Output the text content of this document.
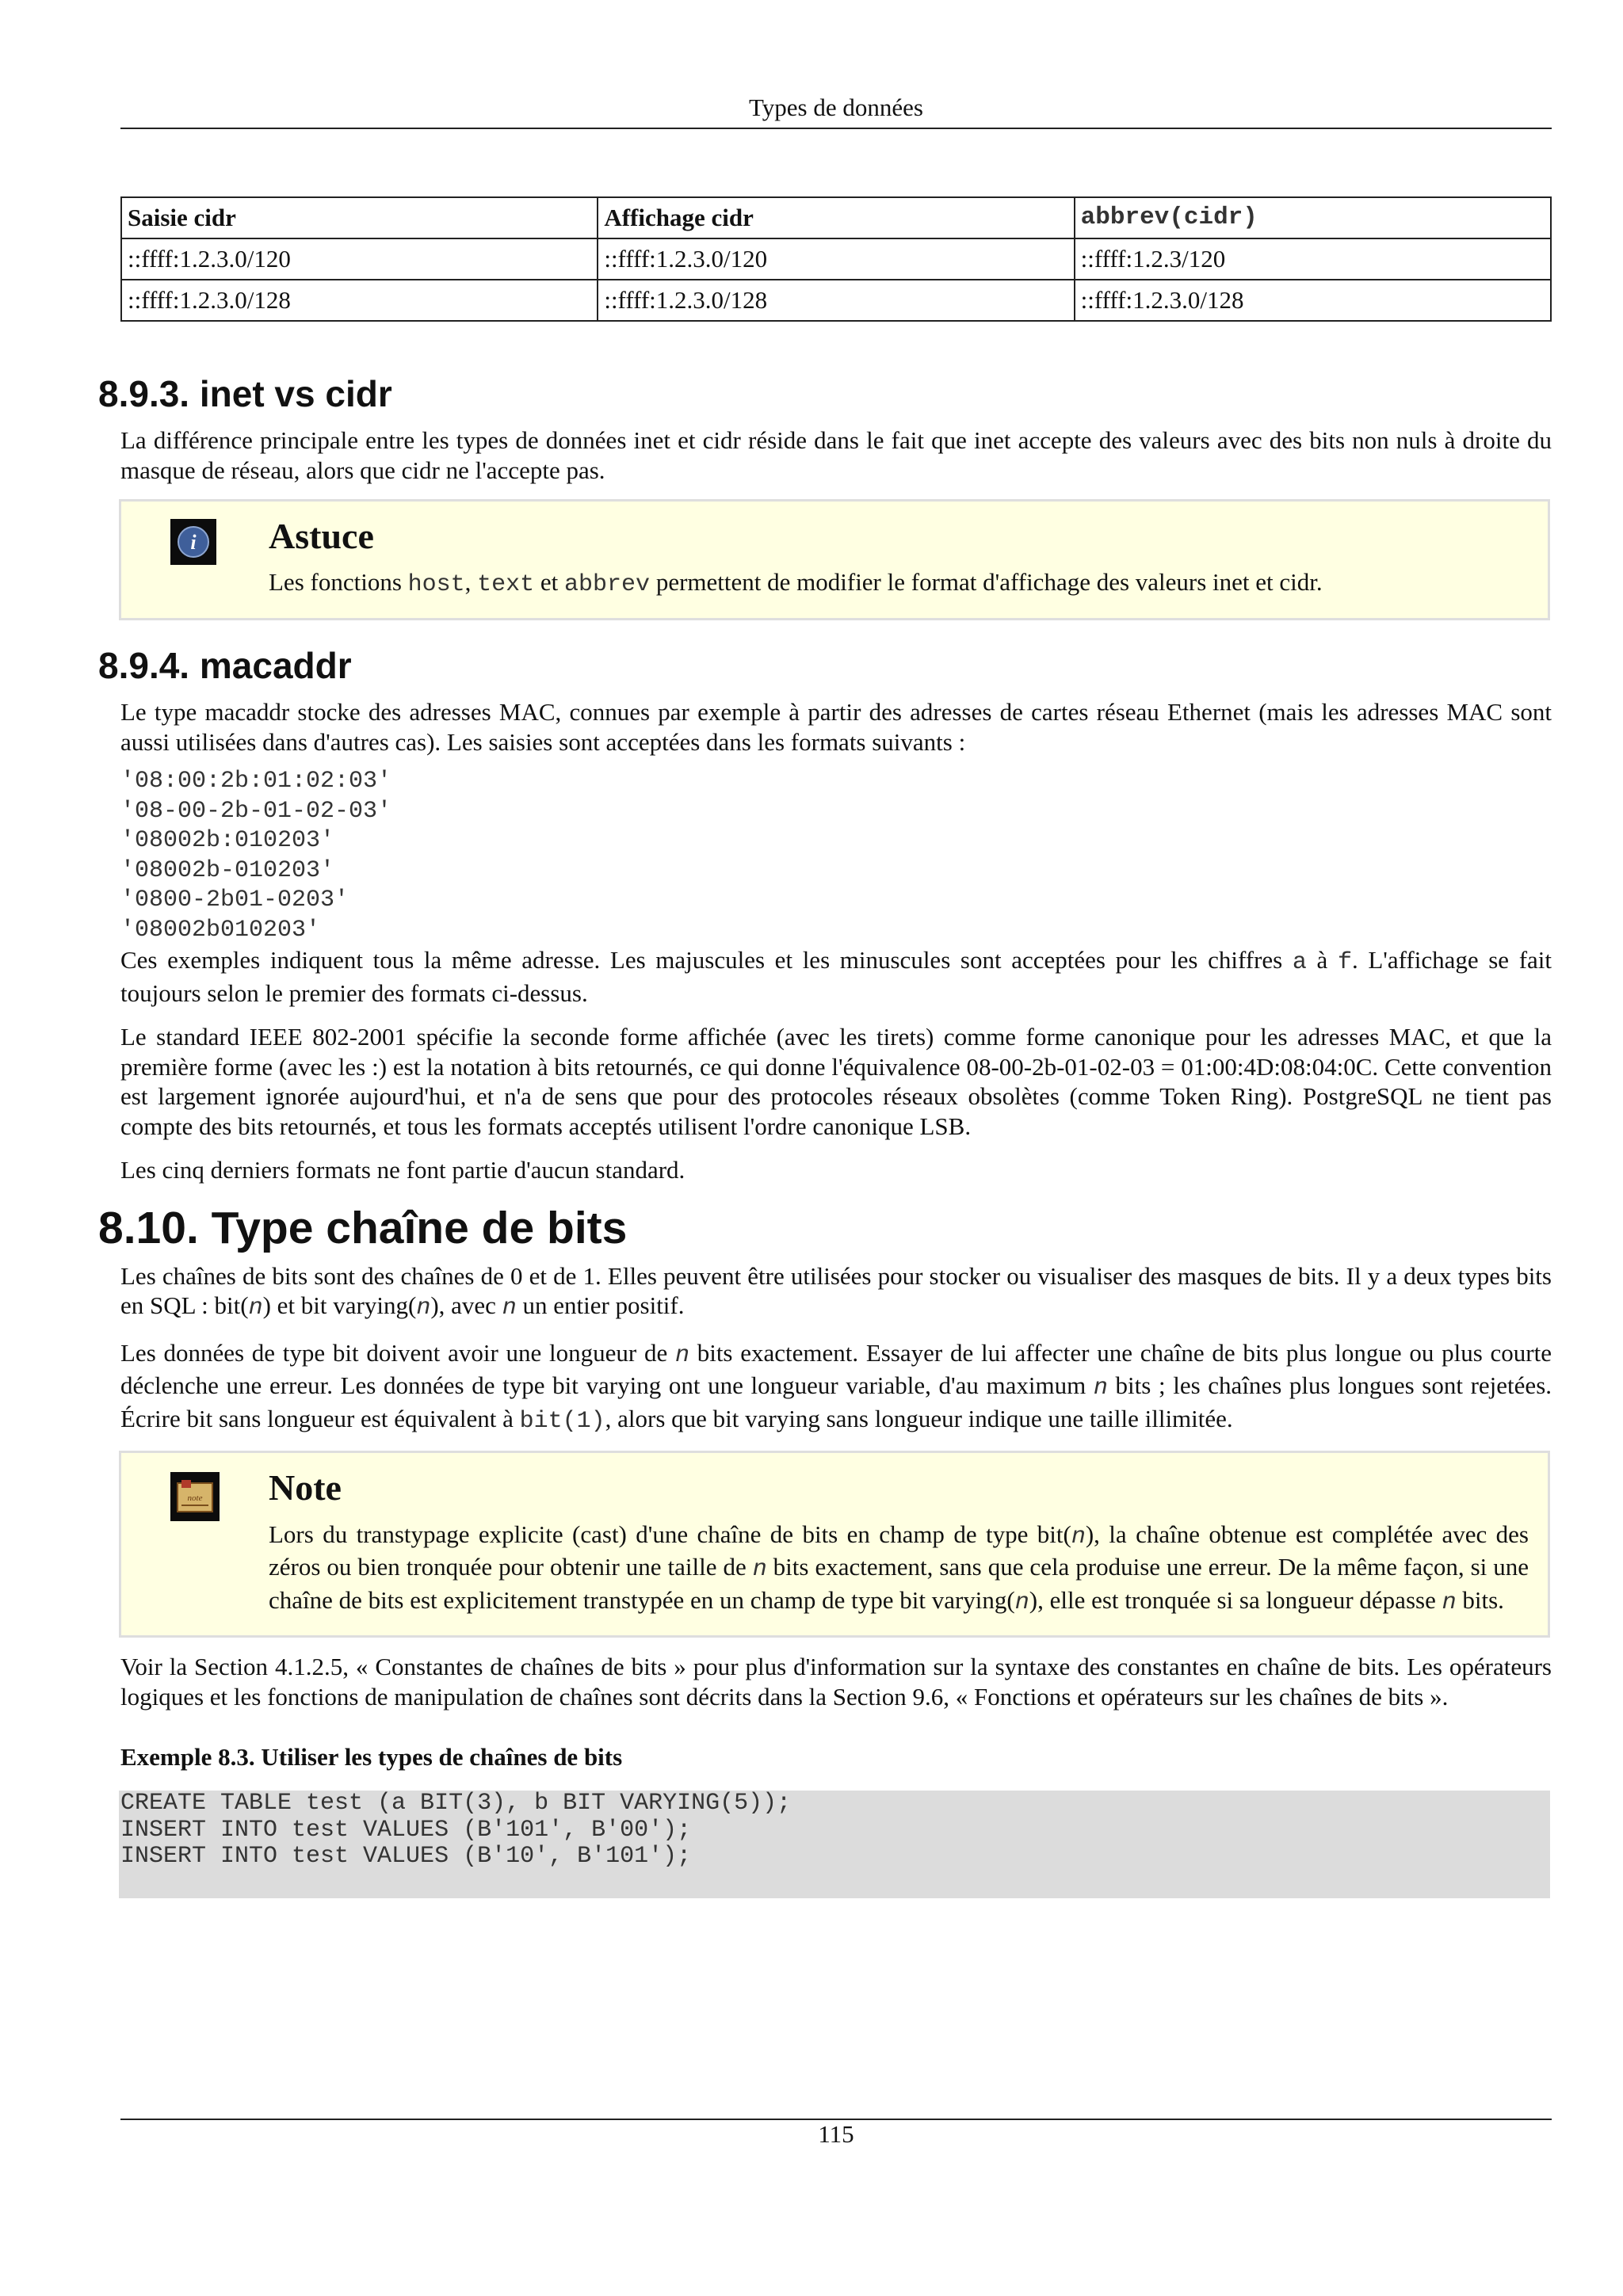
Types de données
Saisie cidr	Affichage cidr	abbrev(cidr)
::ffff:1.2.3.0/120	::ffff:1.2.3.0/120	::ffff:1.2.3/120
::ffff:1.2.3.0/128	::ffff:1.2.3.0/128	::ffff:1.2.3.0/128
8.9.3. inet vs cidr

La différence principale entre les types de données inet et cidr réside dans le fait que inet accepte des valeurs avec des bits non nuls à droite du masque de réseau, alors que cidr ne l'accepte pas.

i Astuce
Les fonctions host, text et abbrev permettent de modifier le format d'affichage des valeurs inet et cidr.
8.9.4. macaddr

Le type macaddr stocke des adresses MAC, connues par exemple à partir des adresses de cartes réseau Ethernet (mais les adresses MAC sont aussi utilisées dans d'autres cas). Les saisies sont acceptées dans les formats suivants :

'08:00:2b:01:02:03'
'08-00-2b-01-02-03'
'08002b:010203'
'08002b-010203'
'0800-2b01-0203'
'08002b010203'

Ces exemples indiquent tous la même adresse. Les majuscules et les minuscules sont acceptées pour les chiffres a à f. L'affichage se fait toujours selon le premier des formats ci-dessus.

Le standard IEEE 802-2001 spécifie la seconde forme affichée (avec les tirets) comme forme canonique pour les adresses MAC, et que la première forme (avec les :) est la notation à bits retournés, ce qui donne l'équivalence 08-00-2b-01-02-03 = 01:00:4D:08:04:0C. Cette convention est largement ignorée aujourd'hui, et n'a de sens que pour des protocoles réseaux obsolètes (comme Token Ring). PostgreSQL ne tient pas compte des bits retournés, et tous les formats acceptés utilisent l'ordre canonique LSB.

Les cinq derniers formats ne font partie d'aucun standard.

8.10. Type chaîne de bits

Les chaînes de bits sont des chaînes de 0 et de 1. Elles peuvent être utilisées pour stocker ou visualiser des masques de bits. Il y a deux types bits en SQL : bit(n) et bit varying(n), avec n un entier positif.

Les données de type bit doivent avoir une longueur de n bits exactement. Essayer de lui affecter une chaîne de bits plus longue ou plus courte déclenche une erreur. Les données de type bit varying ont une longueur variable, d'au maximum n bits ; les chaînes plus longues sont rejetées. Écrire bit sans longueur est équivalent à bit(1), alors que bit varying sans longueur indique une taille illimitée.

note Note
Lors du transtypage explicite (cast) d'une chaîne de bits en champ de type bit(n), la chaîne obtenue est complétée avec des zéros ou bien tronquée pour obtenir une taille de n bits exactement, sans que cela produise une erreur. De la même façon, si une chaîne de bits est explicitement transtypée en un champ de type bit varying(n), elle est tronquée si sa longueur dépasse n bits.

Voir la Section 4.1.2.5, « Constantes de chaînes de bits » pour plus d'information sur la syntaxe des constantes en chaîne de bits. Les opérateurs logiques et les fonctions de manipulation de chaînes sont décrits dans la Section 9.6, « Fonctions et opérateurs sur les chaînes de bits ».

Exemple 8.3. Utiliser les types de chaînes de bits
CREATE TABLE test (a BIT(3), b BIT VARYING(5));
INSERT INTO test VALUES (B'101', B'00');
INSERT INTO test VALUES (B'10', B'101');
115
